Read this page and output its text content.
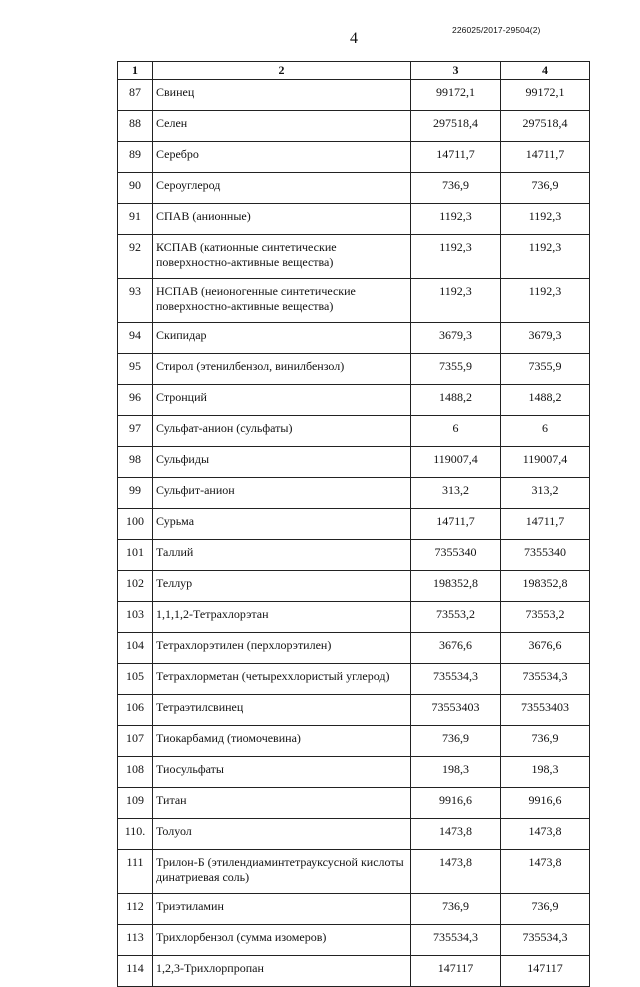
226025/2017-29504(2)
4
1	2	3	4
87	Свинец	99172,1	99172,1
88	Селен	297518,4	297518,4
89	Серебро	14711,7	14711,7
90	Сероуглерод	736,9	736,9
91	СПАВ (анионные)	1192,3	1192,3
92	КСПАВ (катионные синтетические поверхностно-активные вещества)	1192,3	1192,3
93	НСПАВ (неионогенные синтетические поверхностно-активные вещества)	1192,3	1192,3
94	Скипидар	3679,3	3679,3
95	Стирол (этенилбензол, винилбензол)	7355,9	7355,9
96	Стронций	1488,2	1488,2
97	Сульфат-анион (сульфаты)	6	6
98	Сульфиды	119007,4	119007,4
99	Сульфит-анион	313,2	313,2
100	Сурьма	14711,7	14711,7
101	Таллий	7355340	7355340
102	Теллур	198352,8	198352,8
103	1,1,1,2-Тетрахлорэтан	73553,2	73553,2
104	Тетрахлорэтилен (перхлорэтилен)	3676,6	3676,6
105	Тетрахлорметан (четыреххлористый углерод)	735534,3	735534,3
106	Тетраэтилсвинец	73553403	73553403
107	Тиокарбамид (тиомочевина)	736,9	736,9
108	Тиосульфаты	198,3	198,3
109	Титан	9916,6	9916,6
110.	Толуол	1473,8	1473,8
111	Трилон-Б (этилендиаминтетрауксусной кислоты динатриевая соль)	1473,8	1473,8
112	Триэтиламин	736,9	736,9
113	Трихлорбензол (сумма изомеров)	735534,3	735534,3
114	1,2,3-Трихлорпропан	147117	147117
